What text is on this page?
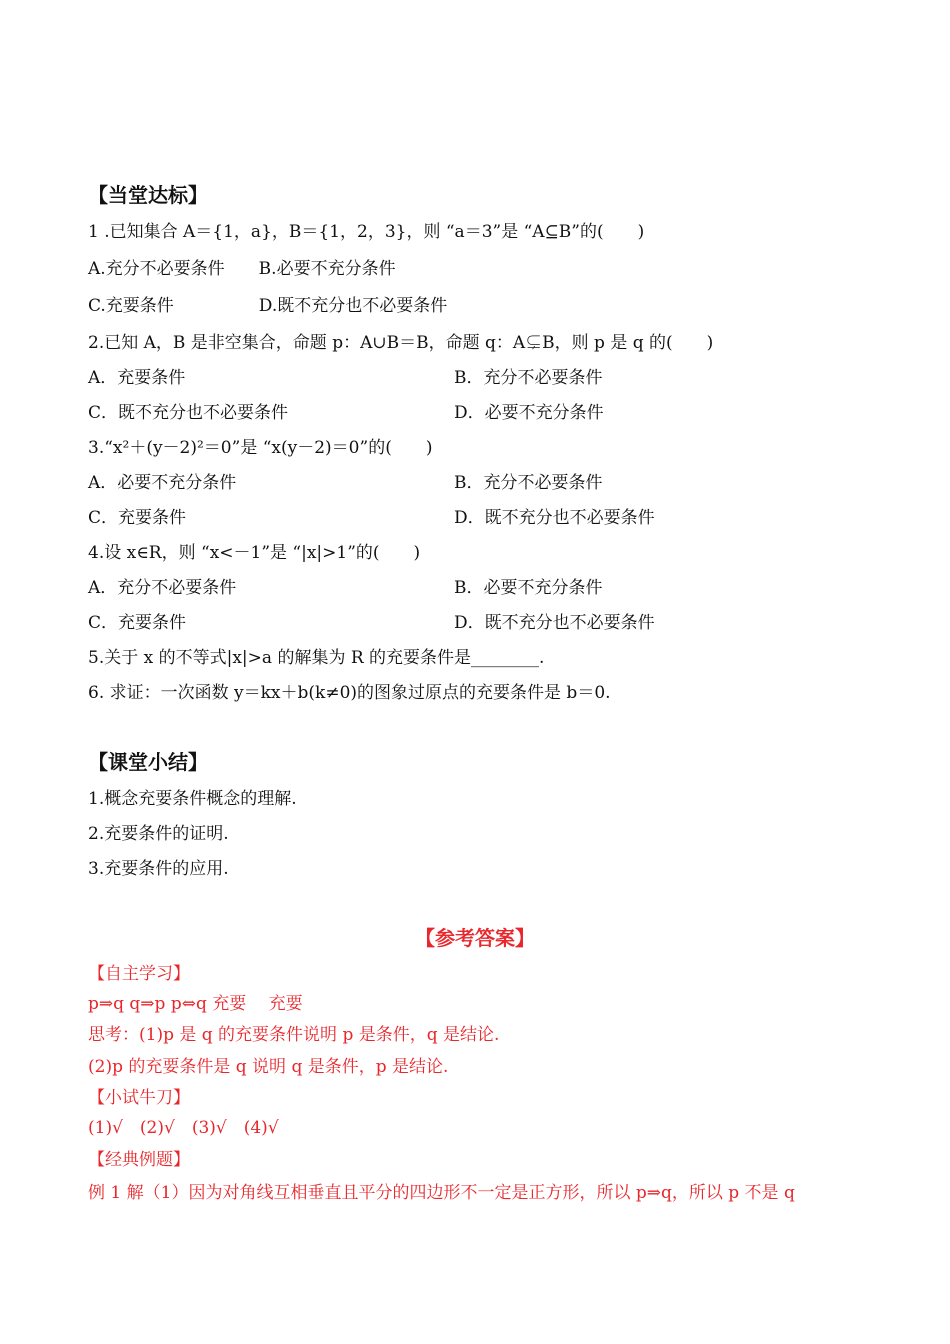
【当堂达标】
1 .已知集合 A＝{1，a}，B＝{1，2，3}，则 “a＝3”是 “A⊆B”的(　　)
A.充分不必要条件　　B.必要不充分条件
C.充要条件　　　　　D.既不充分也不必要条件
2.已知 A，B 是非空集合，命题 p：A∪B＝B，命题 q：A⊊B，则 p 是 q 的(　　)
A．充要条件	B．充分不必要条件
C．既不充分也不必要条件	D．必要不充分条件
3.“x²＋(y－2)²＝0”是 “x(y－2)＝0”的(　　)
A．必要不充分条件	B．充分不必要条件
C．充要条件	D．既不充分也不必要条件
4.设 x∈R，则 “x<－1”是 “|x|>1”的(　　)
A．充分不必要条件	B．必要不充分条件
C．充要条件	D．既不充分也不必要条件
5.关于 x 的不等式|x|>a 的解集为 R 的充要条件是________.
6. 求证：一次函数 y＝kx＋b(k≠0)的图象过原点的充要条件是 b＝0.
【课堂小结】
1.概念充要条件概念的理解.
2.充要条件的证明.
3.充要条件的应用.
【参考答案】
【自主学习】
p⇒q q⇒p p⇔q 充要　 充要
思考：(1)p 是 q 的充要条件说明 p 是条件，q 是结论.
(2)p 的充要条件是 q 说明 q 是条件，p 是结论.
【小试牛刀】
(1)√　(2)√　(3)√　(4)√
【经典例题】
例 1 解（1）因为对角线互相垂直且平分的四边形不一定是正方形，所以 p⇒q，所以 p 不是 q
